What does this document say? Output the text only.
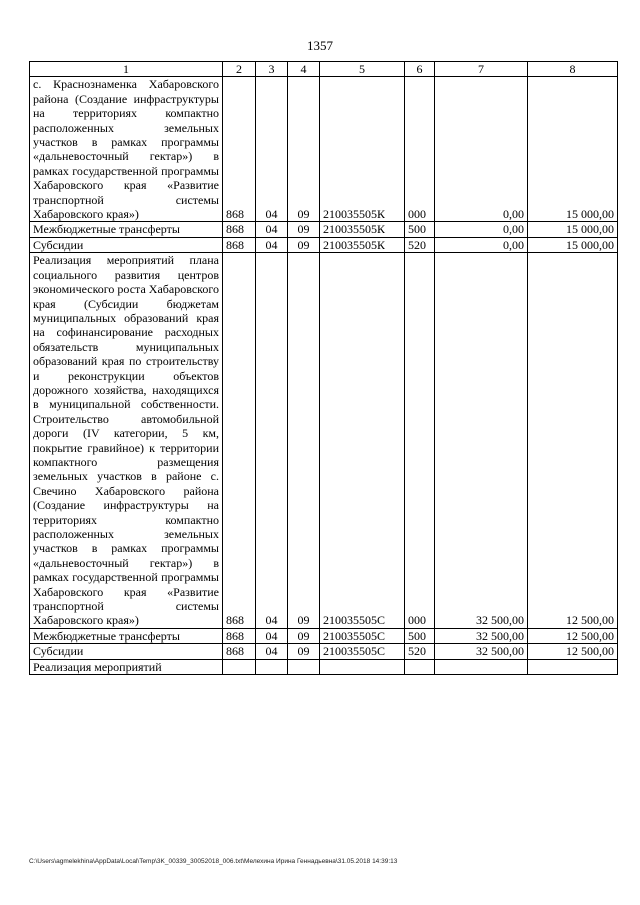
1357
1	2	3	4	5	6	7	8

с. Краснознаменка Хабаровского района (Создание инфраструктуры на территориях компактно расположенных земельных участков в рамках программы «дальневосточный гектар») в рамках государственной программы Хабаровского края «Развитие транспортной системы Хабаровского края»)	868	04	09	210035505К	000	0,00	15 000,00

Межбюджетные трансферты	868	04	09	210035505К	500	0,00	15 000,00

Субсидии	868	04	09	210035505К	520	0,00	15 000,00

Реализация мероприятий плана социального развития центров экономического роста Хабаровского края (Субсидии бюджетам муниципальных образований края на софинансирование расходных обязательств муниципальных образований края по строительству и реконструкции объектов дорожного хозяйства, находящихся в муниципальной собственности. Строительство автомобильной дороги (IV категории, 5 км, покрытие гравийное) к территории компактного размещения земельных участков в районе с. Свечино Хабаровского района (Создание инфраструктуры на территориях компактно расположенных земельных участков в рамках программы «дальневосточный гектар») в рамках государственной программы Хабаровского края «Развитие транспортной системы Хабаровского края»)	868	04	09	210035505С	000	32 500,00	12 500,00

Межбюджетные трансферты	868	04	09	210035505С	500	32 500,00	12 500,00

Субсидии	868	04	09	210035505С	520	32 500,00	12 500,00

Реализация мероприятий							

C:\Users\agmelekhina\AppData\Local\Temp\3K_00339_30052018_006.txt\Мелехина Ирина Геннадьевна\31.05.2018 14:39:13
